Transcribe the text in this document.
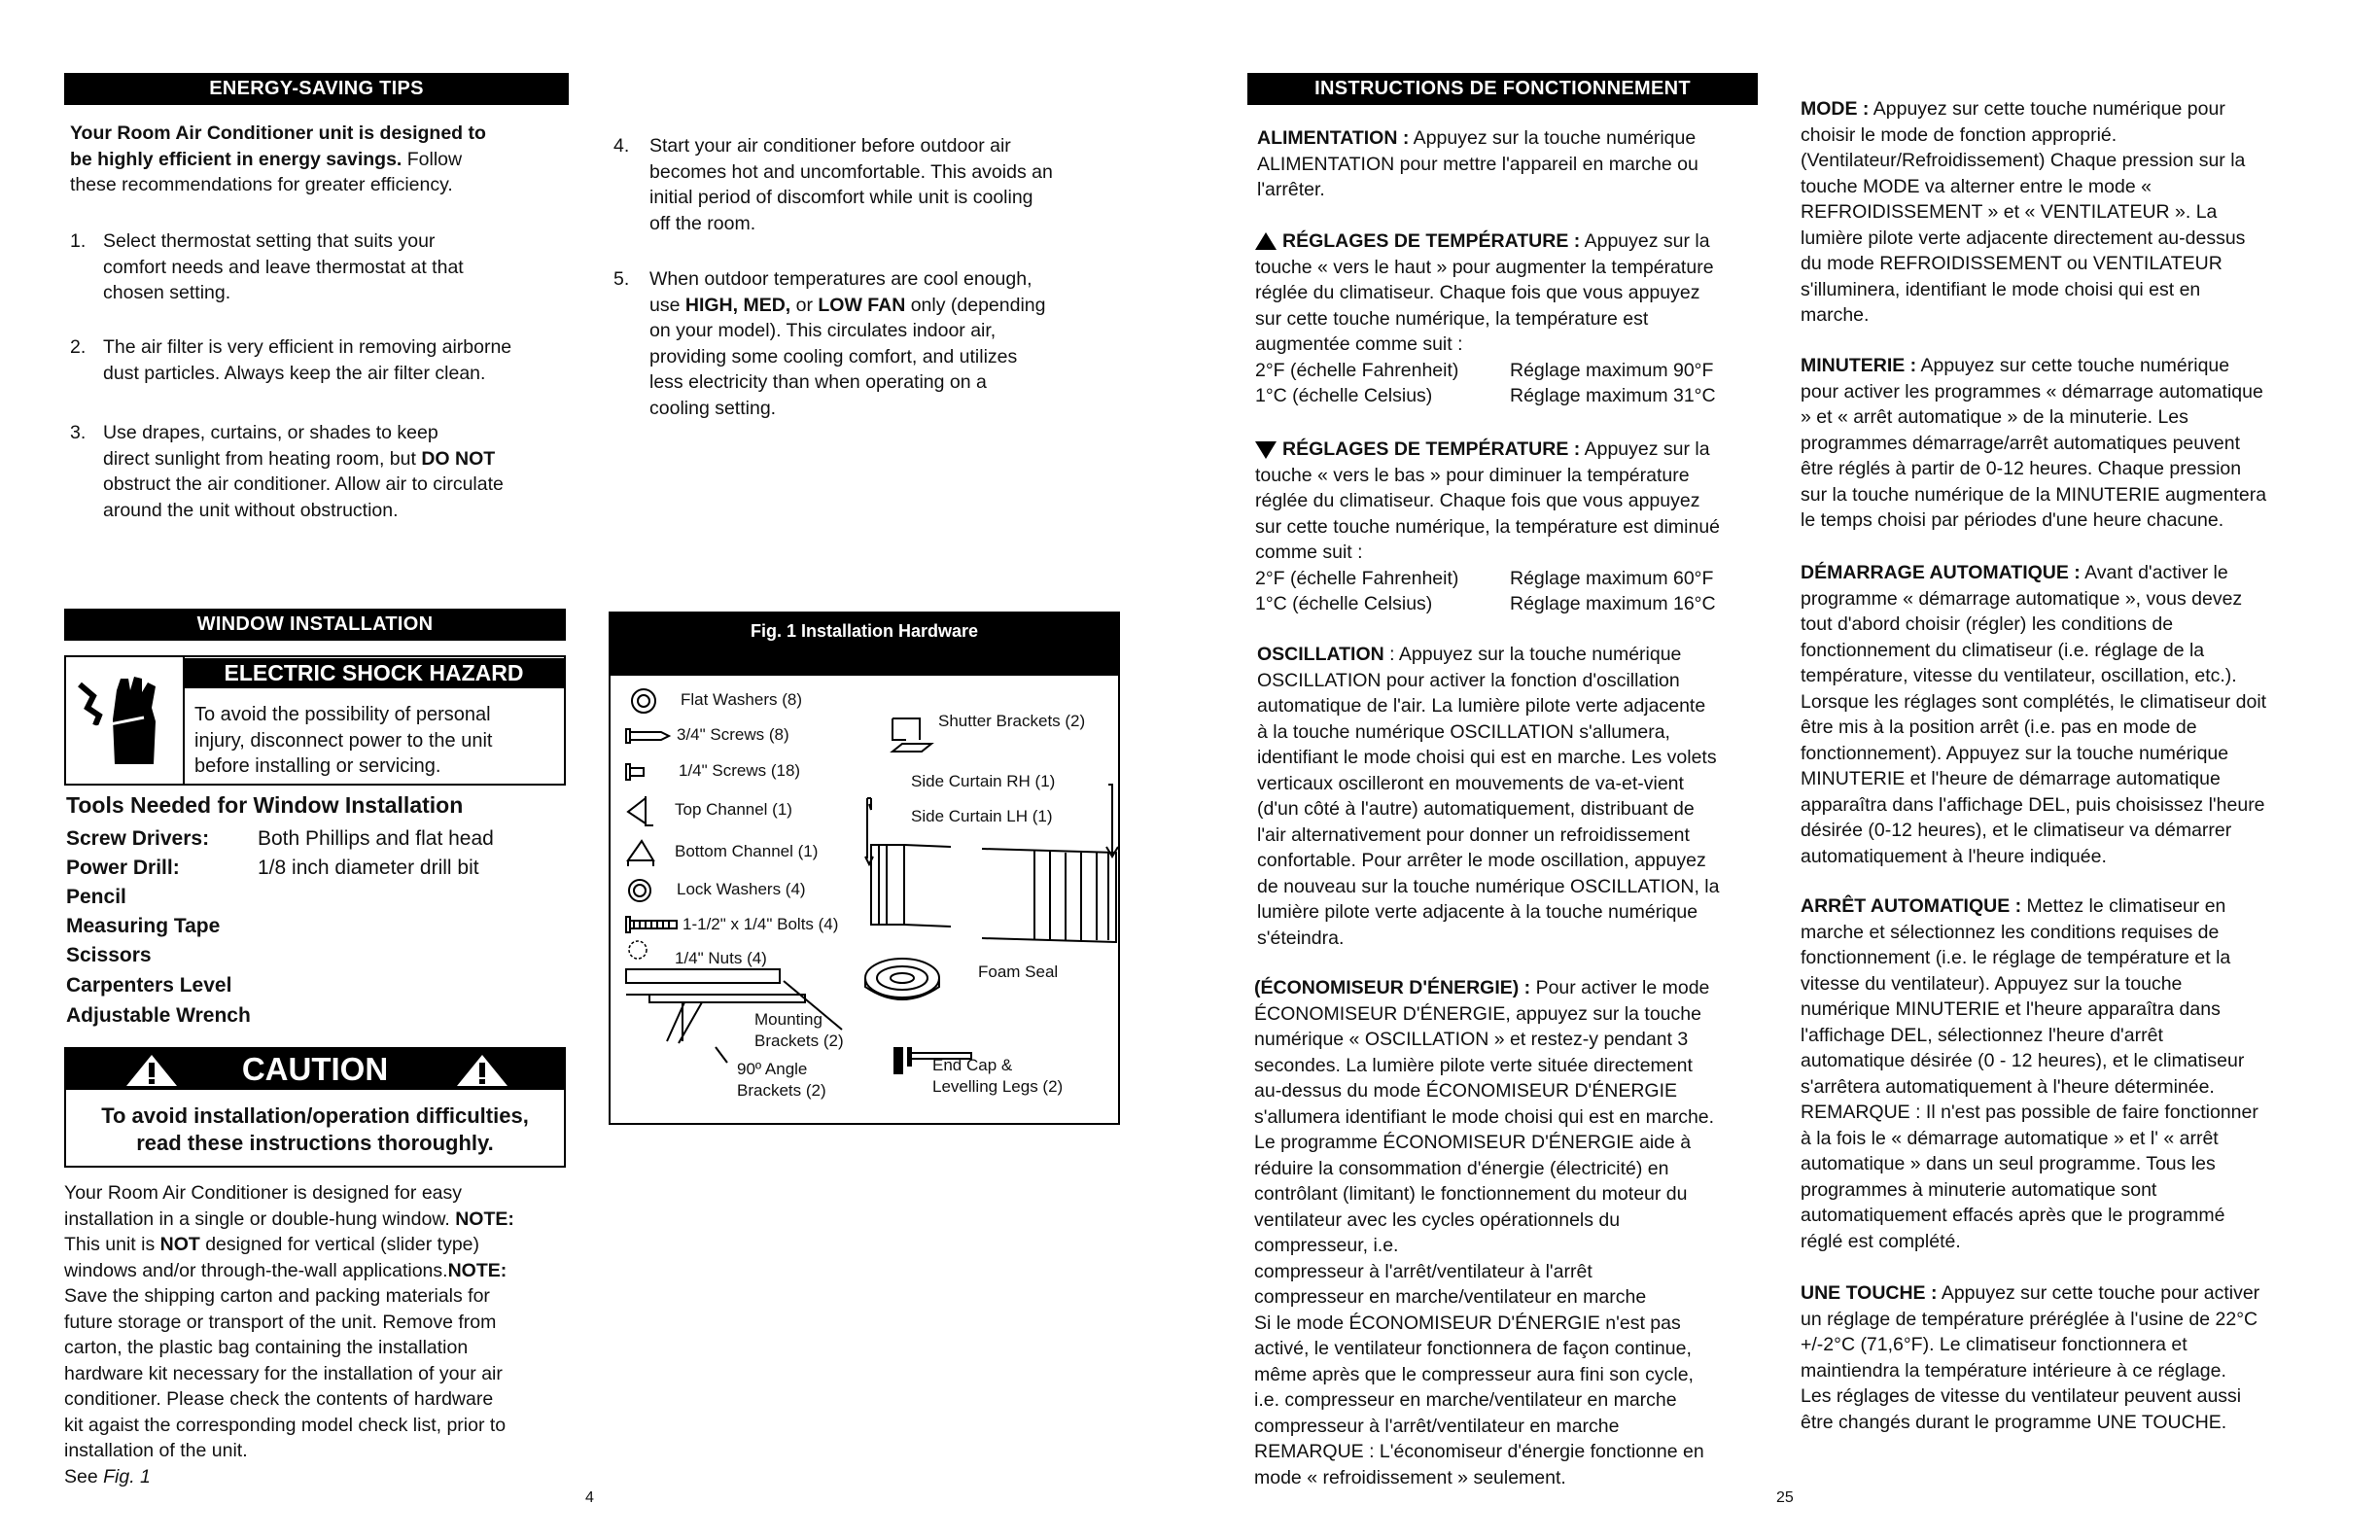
ENERGY-SAVING TIPS
Your Room Air Conditioner unit is designed to
be highly efficient in energy savings. Follow
these recommendations for greater efficiency.
1. Select thermostat setting that suits your
comfort needs and leave thermostat at that
chosen setting.
2. The air filter is very efficient in removing airborne
dust particles. Always keep the air filter clean.
3. Use drapes, curtains, or shades to keep
direct sunlight from heating room, but DO NOT
obstruct the air conditioner. Allow air to circulate
around the unit without obstruction.
4. Start your air conditioner before outdoor air
becomes hot and uncomfortable. This avoids an
initial period of discomfort while unit is cooling
off the room.
5. When outdoor temperatures are cool enough,
use HIGH, MED, or LOW FAN only (depending
on your model). This circulates indoor air,
providing some cooling comfort, and utilizes
less electricity than when operating on a
cooling setting.
WINDOW INSTALLATION
ELECTRIC SHOCK HAZARD
To avoid the possibility of personal
injury, disconnect power to the unit
before installing or servicing.
Tools Needed for Window Installation
Screw Drivers: Both Phillips and flat head
Power Drill:	1/8 inch diameter drill bit
Pencil
Measuring Tape
Scissors
Carpenters Level
Adjustable Wrench
CAUTION
To avoid installation/operation difficulties,
read these instructions thoroughly.
Your Room Air Conditioner is designed for easy
installation in a single or double-hung window. NOTE:
This unit is NOT designed for vertical (slider type)
windows and/or through-the-wall applications.NOTE:
Save the shipping carton and packing materials for
future storage or transport of the unit. Remove from
carton, the plastic bag containing the installation
hardware kit necessary for the installation of your air
conditioner. Please check the contents of hardware
kit agaist the corresponding model check list, prior to
installation of the unit.
See Fig. 1
4
Fig. 1 Installation Hardware
Flat Washers (8)
3/4" Screws (8)
1/4" Screws (18)
Top Channel (1)
Bottom Channel (1)
Lock Washers (4)
1-1/2" x 1/4" Bolts (4)
1/4" Nuts (4)
Mounting
Brackets (2)
90º Angle
Brackets (2)
Shutter Brackets (2)
Side Curtain RH (1)
Side Curtain LH (1)
Foam Seal
End Cap &
Levelling Legs (2)
INSTRUCTIONS DE FONCTIONNEMENT
ALIMENTATION : Appuyez sur la touche numérique
ALIMENTATION pour mettre l'appareil en marche ou
l'arrêter.
RÉGLAGES DE TEMPÉRATURE : Appuyez sur la
touche « vers le haut » pour augmenter la température
réglée du climatiseur. Chaque fois que vous appuyez
sur cette touche numérique, la température est
augmentée comme suit :
2°F (échelle Fahrenheit)	Réglage maximum 90°F
1°C (échelle Celsius)	Réglage maximum 31°C
RÉGLAGES DE TEMPÉRATURE : Appuyez sur la
touche « vers le bas » pour diminuer la température
réglée du climatiseur. Chaque fois que vous appuyez
sur cette touche numérique, la température est diminué
comme suit :
2°F (échelle Fahrenheit)	Réglage maximum 60°F
1°C (échelle Celsius)	Réglage maximum 16°C
OSCILLATION : Appuyez sur la touche numérique
OSCILLATION pour activer la fonction d'oscillation
automatique de l'air. La lumière pilote verte adjacente
à la touche numérique OSCILLATION s'allumera,
identifiant le mode choisi qui est en marche. Les volets
verticaux oscilleront en mouvements de va-et-vient
(d'un côté à l'autre) automatiquement, distribuant de
l'air alternativement pour donner un refroidissement
confortable. Pour arrêter le mode oscillation, appuyez
de nouveau sur la touche numérique OSCILLATION, la
lumière pilote verte adjacente à la touche numérique
s'éteindra.
(ÉCONOMISEUR D'ÉNERGIE) : Pour activer le mode
ÉCONOMISEUR D'ÉNERGIE, appuyez sur la touche
numérique « OSCILLATION » et restez-y pendant 3
secondes. La lumière pilote verte située directement
au-dessus du mode ÉCONOMISEUR D'ÉNERGIE
s'allumera identifiant le mode choisi qui est en marche.
Le programme ÉCONOMISEUR D'ÉNERGIE aide à
réduire la consommation d'énergie (électricité) en
contrôlant (limitant) le fonctionnement du moteur du
ventilateur avec les cycles opérationnels du
compresseur, i.e.
compresseur à l'arrêt/ventilateur à l'arrêt
compresseur en marche/ventilateur en marche
Si le mode ÉCONOMISEUR D'ÉNERGIE n'est pas
activé, le ventilateur fonctionnera de façon continue,
même après que le compresseur aura fini son cycle,
i.e. compresseur en marche/ventilateur en marche
compresseur à l'arrêt/ventilateur en marche
REMARQUE : L'économiseur d'énergie fonctionne en
mode « refroidissement » seulement.
MODE : Appuyez sur cette touche numérique pour
choisir le mode de fonction approprié.
(Ventilateur/Refroidissement) Chaque pression sur la
touche MODE va alterner entre le mode «
REFROIDISSEMENT » et « VENTILATEUR ». La
lumière pilote verte adjacente directement au-dessus
du mode REFROIDISSEMENT ou VENTILATEUR
s'illuminera, identifiant le mode choisi qui est en
marche.
MINUTERIE : Appuyez sur cette touche numérique
pour activer les programmes « démarrage automatique
» et « arrêt automatique » de la minuterie. Les
programmes démarrage/arrêt automatiques peuvent
être réglés à partir de 0-12 heures. Chaque pression
sur la touche numérique de la MINUTERIE augmentera
le temps choisi par périodes d'une heure chacune.
DÉMARRAGE AUTOMATIQUE : Avant d'activer le
programme « démarrage automatique », vous devez
tout d'abord choisir (régler) les conditions de
fonctionnement du climatiseur (i.e. réglage de la
température, vitesse du ventilateur, oscillation, etc.).
Lorsque les réglages sont complétés, le climatiseur doit
être mis à la position arrêt (i.e. pas en mode de
fonctionnement). Appuyez sur la touche numérique
MINUTERIE et l'heure de démarrage automatique
apparaîtra dans l'affichage DEL, puis choisissez l'heure
désirée (0-12 heures), et le climatiseur va démarrer
automatiquement à l'heure indiquée.
ARRÊT AUTOMATIQUE : Mettez le climatiseur en
marche et sélectionnez les conditions requises de
fonctionnement (i.e. le réglage de température et la
vitesse du ventilateur). Appuyez sur la touche
numérique MINUTERIE et l'heure apparaîtra dans
l'affichage DEL, sélectionnez l'heure d'arrêt
automatique désirée (0 - 12 heures), et le climatiseur
s'arrêtera automatiquement à l'heure déterminée.
REMARQUE : Il n'est pas possible de faire fonctionner
à la fois le « démarrage automatique » et l' « arrêt
automatique » dans un seul programme. Tous les
programmes à minuterie automatique sont
automatiquement effacés après que le programmé
réglé est complété.
UNE TOUCHE : Appuyez sur cette touche pour activer
un réglage de température préréglée à l'usine de 22°C
+/-2°C (71,6°F). Le climatiseur fonctionnera et
maintiendra la température intérieure à ce réglage.
Les réglages de vitesse du ventilateur peuvent aussi
être changés durant le programme UNE TOUCHE.
25
